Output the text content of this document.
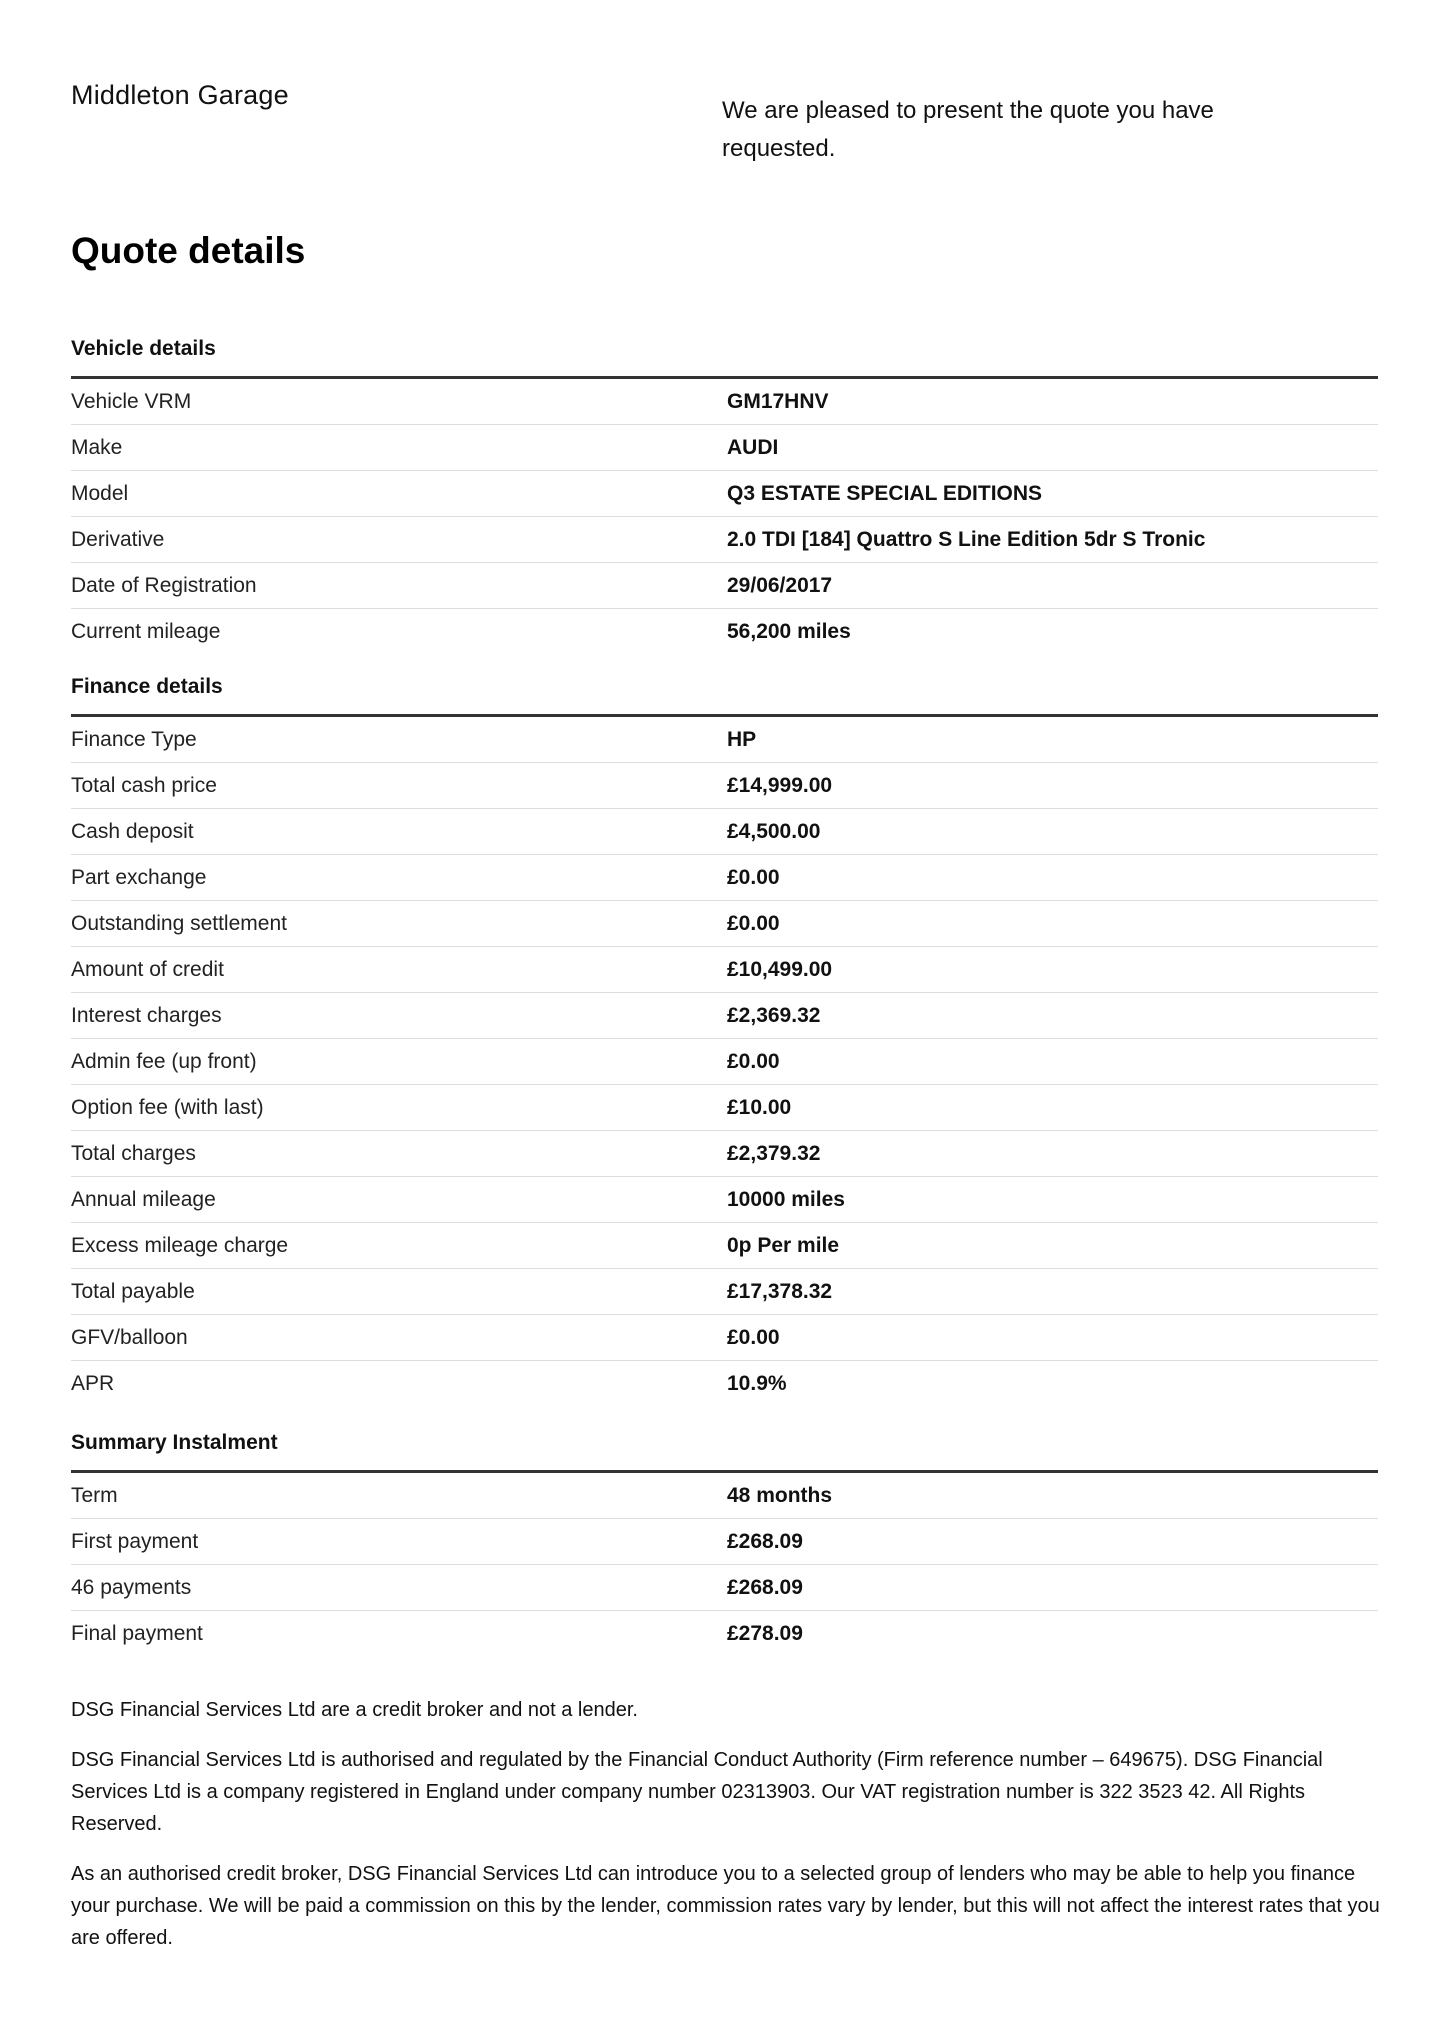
Middleton Garage
We are pleased to present the quote you have requested.
Quote details
Vehicle details
Vehicle VRM	GM17HNV
Make	AUDI
Model	Q3 ESTATE SPECIAL EDITIONS
Derivative	2.0 TDI [184] Quattro S Line Edition 5dr S Tronic
Date of Registration	29/06/2017
Current mileage	56,200 miles
Finance details
Finance Type	HP
Total cash price	£14,999.00
Cash deposit	£4,500.00
Part exchange	£0.00
Outstanding settlement	£0.00
Amount of credit	£10,499.00
Interest charges	£2,369.32
Admin fee (up front)	£0.00
Option fee (with last)	£10.00
Total charges	£2,379.32
Annual mileage	10000 miles
Excess mileage charge	0p Per mile
Total payable	£17,378.32
GFV/balloon	£0.00
APR	10.9%
Summary Instalment
Term	48 months
First payment	£268.09
46 payments	£268.09
Final payment	£278.09

DSG Financial Services Ltd are a credit broker and not a lender.

DSG Financial Services Ltd is authorised and regulated by the Financial Conduct Authority (Firm reference number – 649675). DSG Financial Services Ltd is a company registered in England under company number 02313903. Our VAT registration number is 322 3523 42. All Rights Reserved.

As an authorised credit broker, DSG Financial Services Ltd can introduce you to a selected group of lenders who may be able to help you finance your purchase. We will be paid a commission on this by the lender, commission rates vary by lender, but this will not affect the interest rates that you are offered.
